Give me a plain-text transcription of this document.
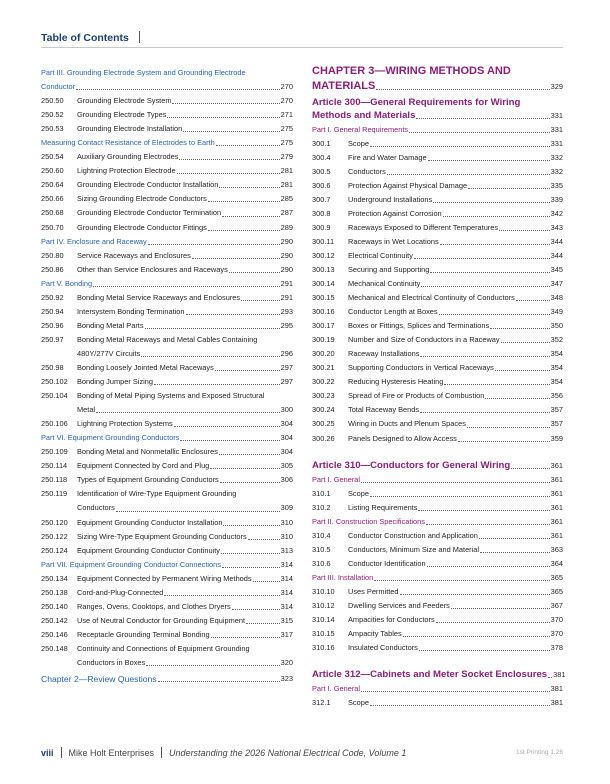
Table of Contents
Part III. Grounding Electrode System and Grounding Electrode
Conductor	270
250.50	Grounding Electrode System	270
250.52	Grounding Electrode Types	271
250.53	Grounding Electrode Installation	275
Measuring Contact Resistance of Electrodes to Earth	275
250.54	Auxiliary Grounding Electrodes	279
250.60	Lightning Protection Electrode	281
250.64	Grounding Electrode Conductor Installation	281
250.66	Sizing Grounding Electrode Conductors	285
250.68	Grounding Electrode Conductor Termination	287
250.70	Grounding Electrode Conductor Fittings	289
Part IV. Enclosure and Raceway	290
250.80	Service Raceways and Enclosures	290
250.86	Other than Service Enclosures and Raceways	290
Part V. Bonding	291
250.92	Bonding Metal Service Raceways and Enclosures	291
250.94	Intersystem Bonding Termination	293
250.96	Bonding Metal Parts	295
250.97	Bonding Metal Raceways and Metal Cables Containing
480Y/277V Circuits	296
250.98	Bonding Loosely Jointed Metal Raceways	297
250.102	Bonding Jumper Sizing	297
250.104	Bonding of Metal Piping Systems and Exposed Structural
Metal	300
250.106	Lightning Protection Systems	304
Part VI. Equipment Grounding Conductors	304
250.109	Bonding Metal and Nonmetallic Enclosures	304
250.114	Equipment Connected by Cord and Plug	305
250.118	Types of Equipment Grounding Conductors	306
250.119	Identification of Wire-Type Equipment Grounding
Conductors	309
250.120	Equipment Grounding Conductor Installation	310
250.122	Sizing Wire-Type Equipment Grounding Conductors	310
250.124	Equipment Grounding Conductor Continuity	313
Part VII. Equipment Grounding Conductor Connections	314
250.134	Equipment Connected by Permanent Wiring Methods	314
250.138	Cord-and-Plug-Connected	314
250.140	Ranges, Ovens, Cooktops, and Clothes Dryers	314
250.142	Use of Neutral Conductor for Grounding Equipment	315
250.146	Receptacle Grounding Terminal Bonding	317
250.148	Continuity and Connections of Equipment Grounding
Conductors in Boxes	320
Chapter 2—Review Questions	323
CHAPTER 3—WIRING METHODS AND
MATERIALS	329
Article 300—General Requirements for Wiring
Methods and Materials	331
Part I. General Requirements	331
300.1	Scope	331
300.4	Fire and Water Damage	332
300.5	Conductors	332
300.6	Protection Against Physical Damage	335
300.7	Underground Installations	339
300.8	Protection Against Corrosion	342
300.9	Raceways Exposed to Different Temperatures	343
300.11	Raceways in Wet Locations	344
300.12	Electrical Continuity	344
300.13	Securing and Supporting	345
300.14	Mechanical Continuity	347
300.15	Mechanical and Electrical Continuity of Conductors	348
300.16	Conductor Length at Boxes	349
300.17	Boxes or Fittings, Splices and Terminations	350
300.19	Number and Size of Conductors in a Raceway	352
300.20	Raceway Installations	354
300.21	Supporting Conductors in Vertical Raceways	354
300.22	Reducing Hysteresis Heating	354
300.23	Spread of Fire or Products of Combustion	356
300.24	Total Raceway Bends	357
300.25	Wiring in Ducts and Plenum Spaces	357
300.26	Panels Designed to Allow Access	359
Article 310—Conductors for General Wiring	361
Part I. General	361
310.1	Scope	361
310.2	Listing Requirements	361
Part II. Construction Specifications	361
310.4	Conductor Construction and Application	361
310.5	Conductors, Minimum Size and Material	363
310.6	Conductor Identification	364
Part III. Installation	365
310.10	Uses Permitted	365
310.12	Dwelling Services and Feeders	367
310.14	Ampacities for Conductors	370
310.15	Ampacity Tables	370
310.16	Insulated Conductors	378
Article 312—Cabinets and Meter Socket Enclosures 381
Part I. General	381
312.1	Scope	381
viii Mike Holt Enterprises Understanding the 2026 National Electrical Code, Volume 1	1st Printing 1.26
